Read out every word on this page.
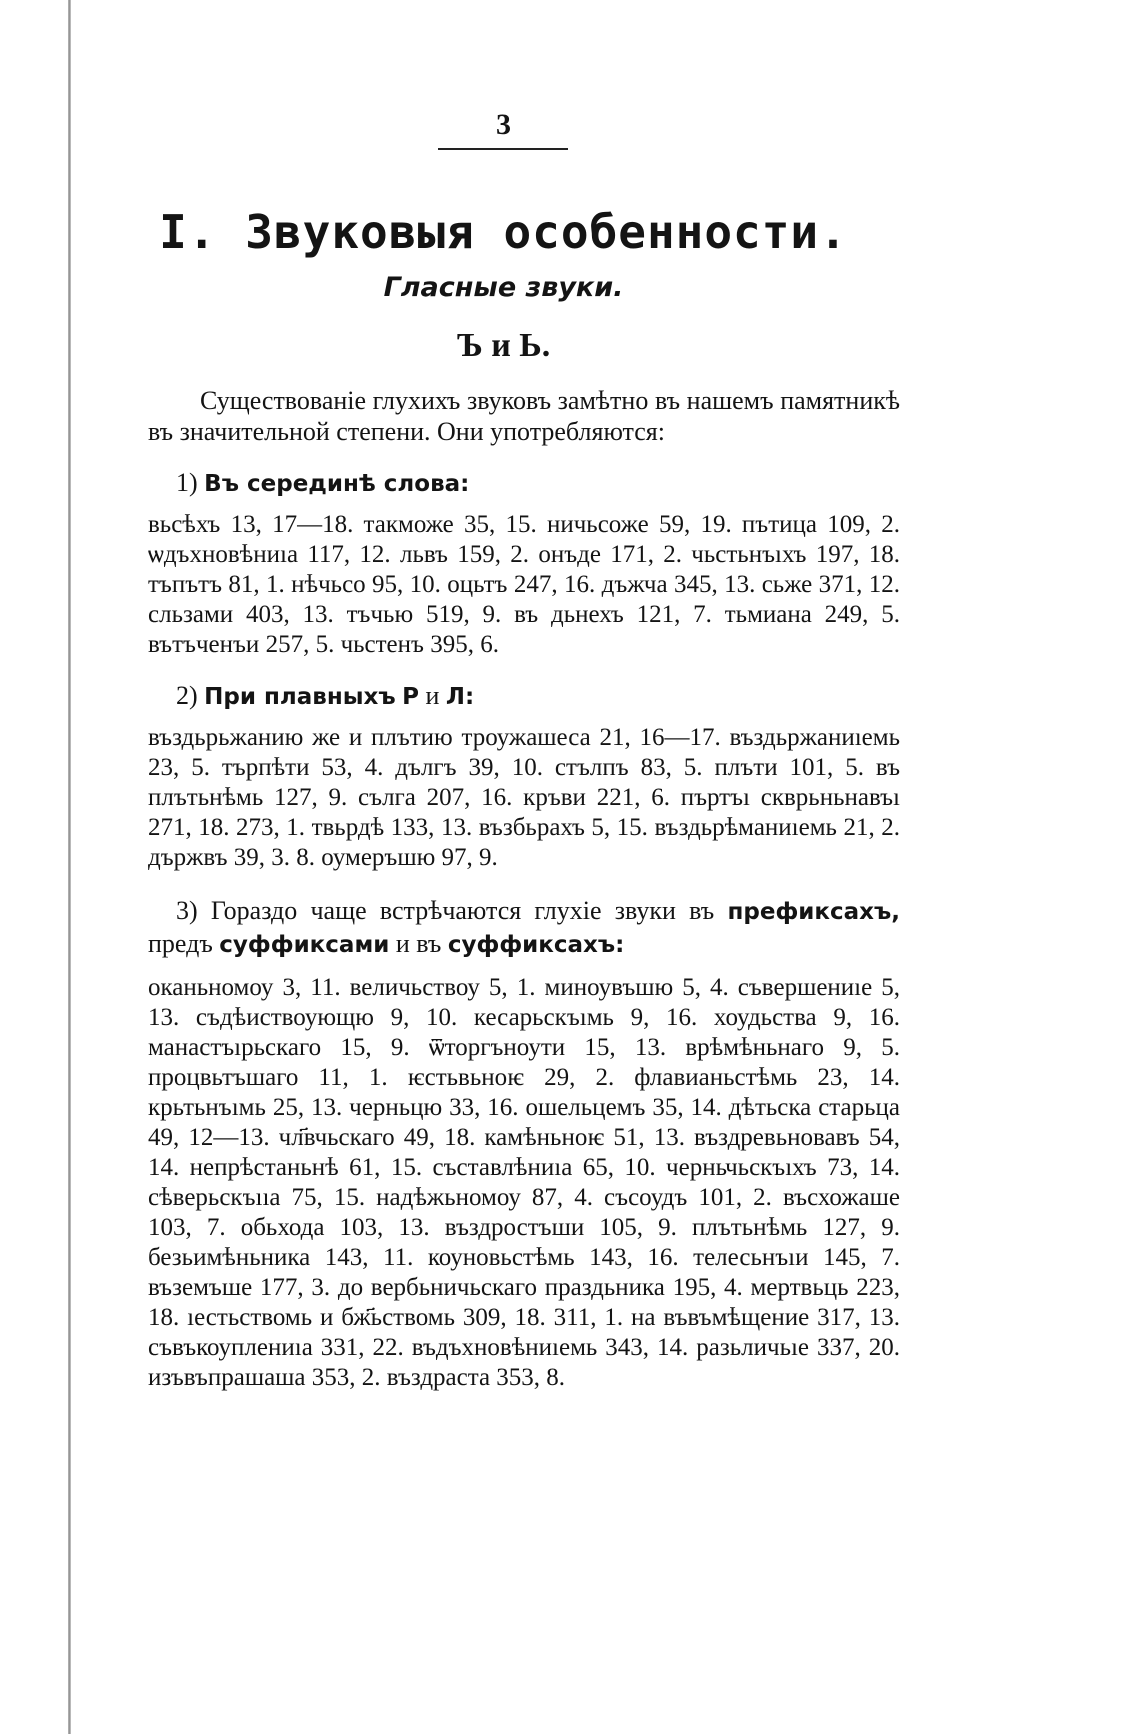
3
I. Звуковыя особенности.
Гласные звуки.
Ъ и Ь.

Существованіе глухихъ звуковъ замѣтно въ нашемъ памятникѣ въ значительной степени. Они употребляются:

1) Въ серединѣ слова:

вьсѣхъ 13, 17—18. такможе 35, 15. ничьсоже 59, 19. пътица 109, 2. ѡдъхновѣниıа 117, 12. львъ 159, 2. онъде 171, 2. чьстьнъıхъ 197, 18. тъпътъ 81, 1. нѣчьсо 95, 10. оцьтъ 247, 16. дъжча 345, 13. сьже 371, 12. сльзами 403, 13. тъчью 519, 9. въ дьнехъ 121, 7. тьмиана 249, 5. вътъченъи 257, 5. чьстенъ 395, 6.

2) При плавныхъ Р и Л:

въздьрьжанию же и плътию троужашеса 21, 16—17. въздьржаниıемь 23, 5. търпѣти 53, 4. дългъ 39, 10. стълпъ 83, 5. плъти 101, 5. въ плътьнѣмь 127, 9. сългa 207, 16. кръви 221, 6. пъртъı скврьньнавъı 271, 18. 273, 1. твьрдѣ 133, 13. възбьрахъ 5, 15. въздьрѣманиıемь 21, 2. държвъ 39, 3. 8. оумеръшю 97, 9.

3) Гораздо чаще встрѣчаются глухіе звуки въ префиксахъ, предъ суффиксами и въ суффиксахъ:

оканьномоу 3, 11. величьствоу 5, 1. миноувъшю 5, 4. съвершениıе 5, 13. съдѣиствоующю 9, 10. кесарьскъıмь 9, 16. хоудьства 9, 16. манастъıрьскаго 15, 9. ѿторгъноути 15, 13. врѣмѣньнаго 9, 5. процвьтъшаго 11, 1. ѥстьвьноѥ 29, 2. флавианьстѣмь 23, 14. крьтьнъıмь 25, 13. черньцю 33, 16. ошельцемъ 35, 14. дѣтьска старьца 49, 12—13. чл҃вчьскаго 49, 18. камѣньноѥ 51, 13. въздревьновавъ 54, 14. непрѣстаньнѣ 61, 15. съставлѣниıа 65, 10. черньчьскъıхъ 73, 14. сѣверьскъııа 75, 15. надѣжьномоу 87, 4. съсоудъ 101, 2. въсхожаше 103, 7. обьхода 103, 13. въздростъши 105, 9. плътьнѣмь 127, 9. безьимѣньника 143, 11. коуновьстѣмь 143, 16. телесьнъıи 145, 7. въземъше 177, 3. до вербьничьскаго праздьника 195, 4. мертвьць 223, 18. ıестьствомь и бж҃ьствомь 309, 18. 311, 1. на въвъмѣщение 317, 13. съвъкоуплениıа 331, 22. въдъхновѣниıемь 343, 14. разьличьıе 337, 20. изъвъпрашаша 353, 2. въздраста 353, 8.
